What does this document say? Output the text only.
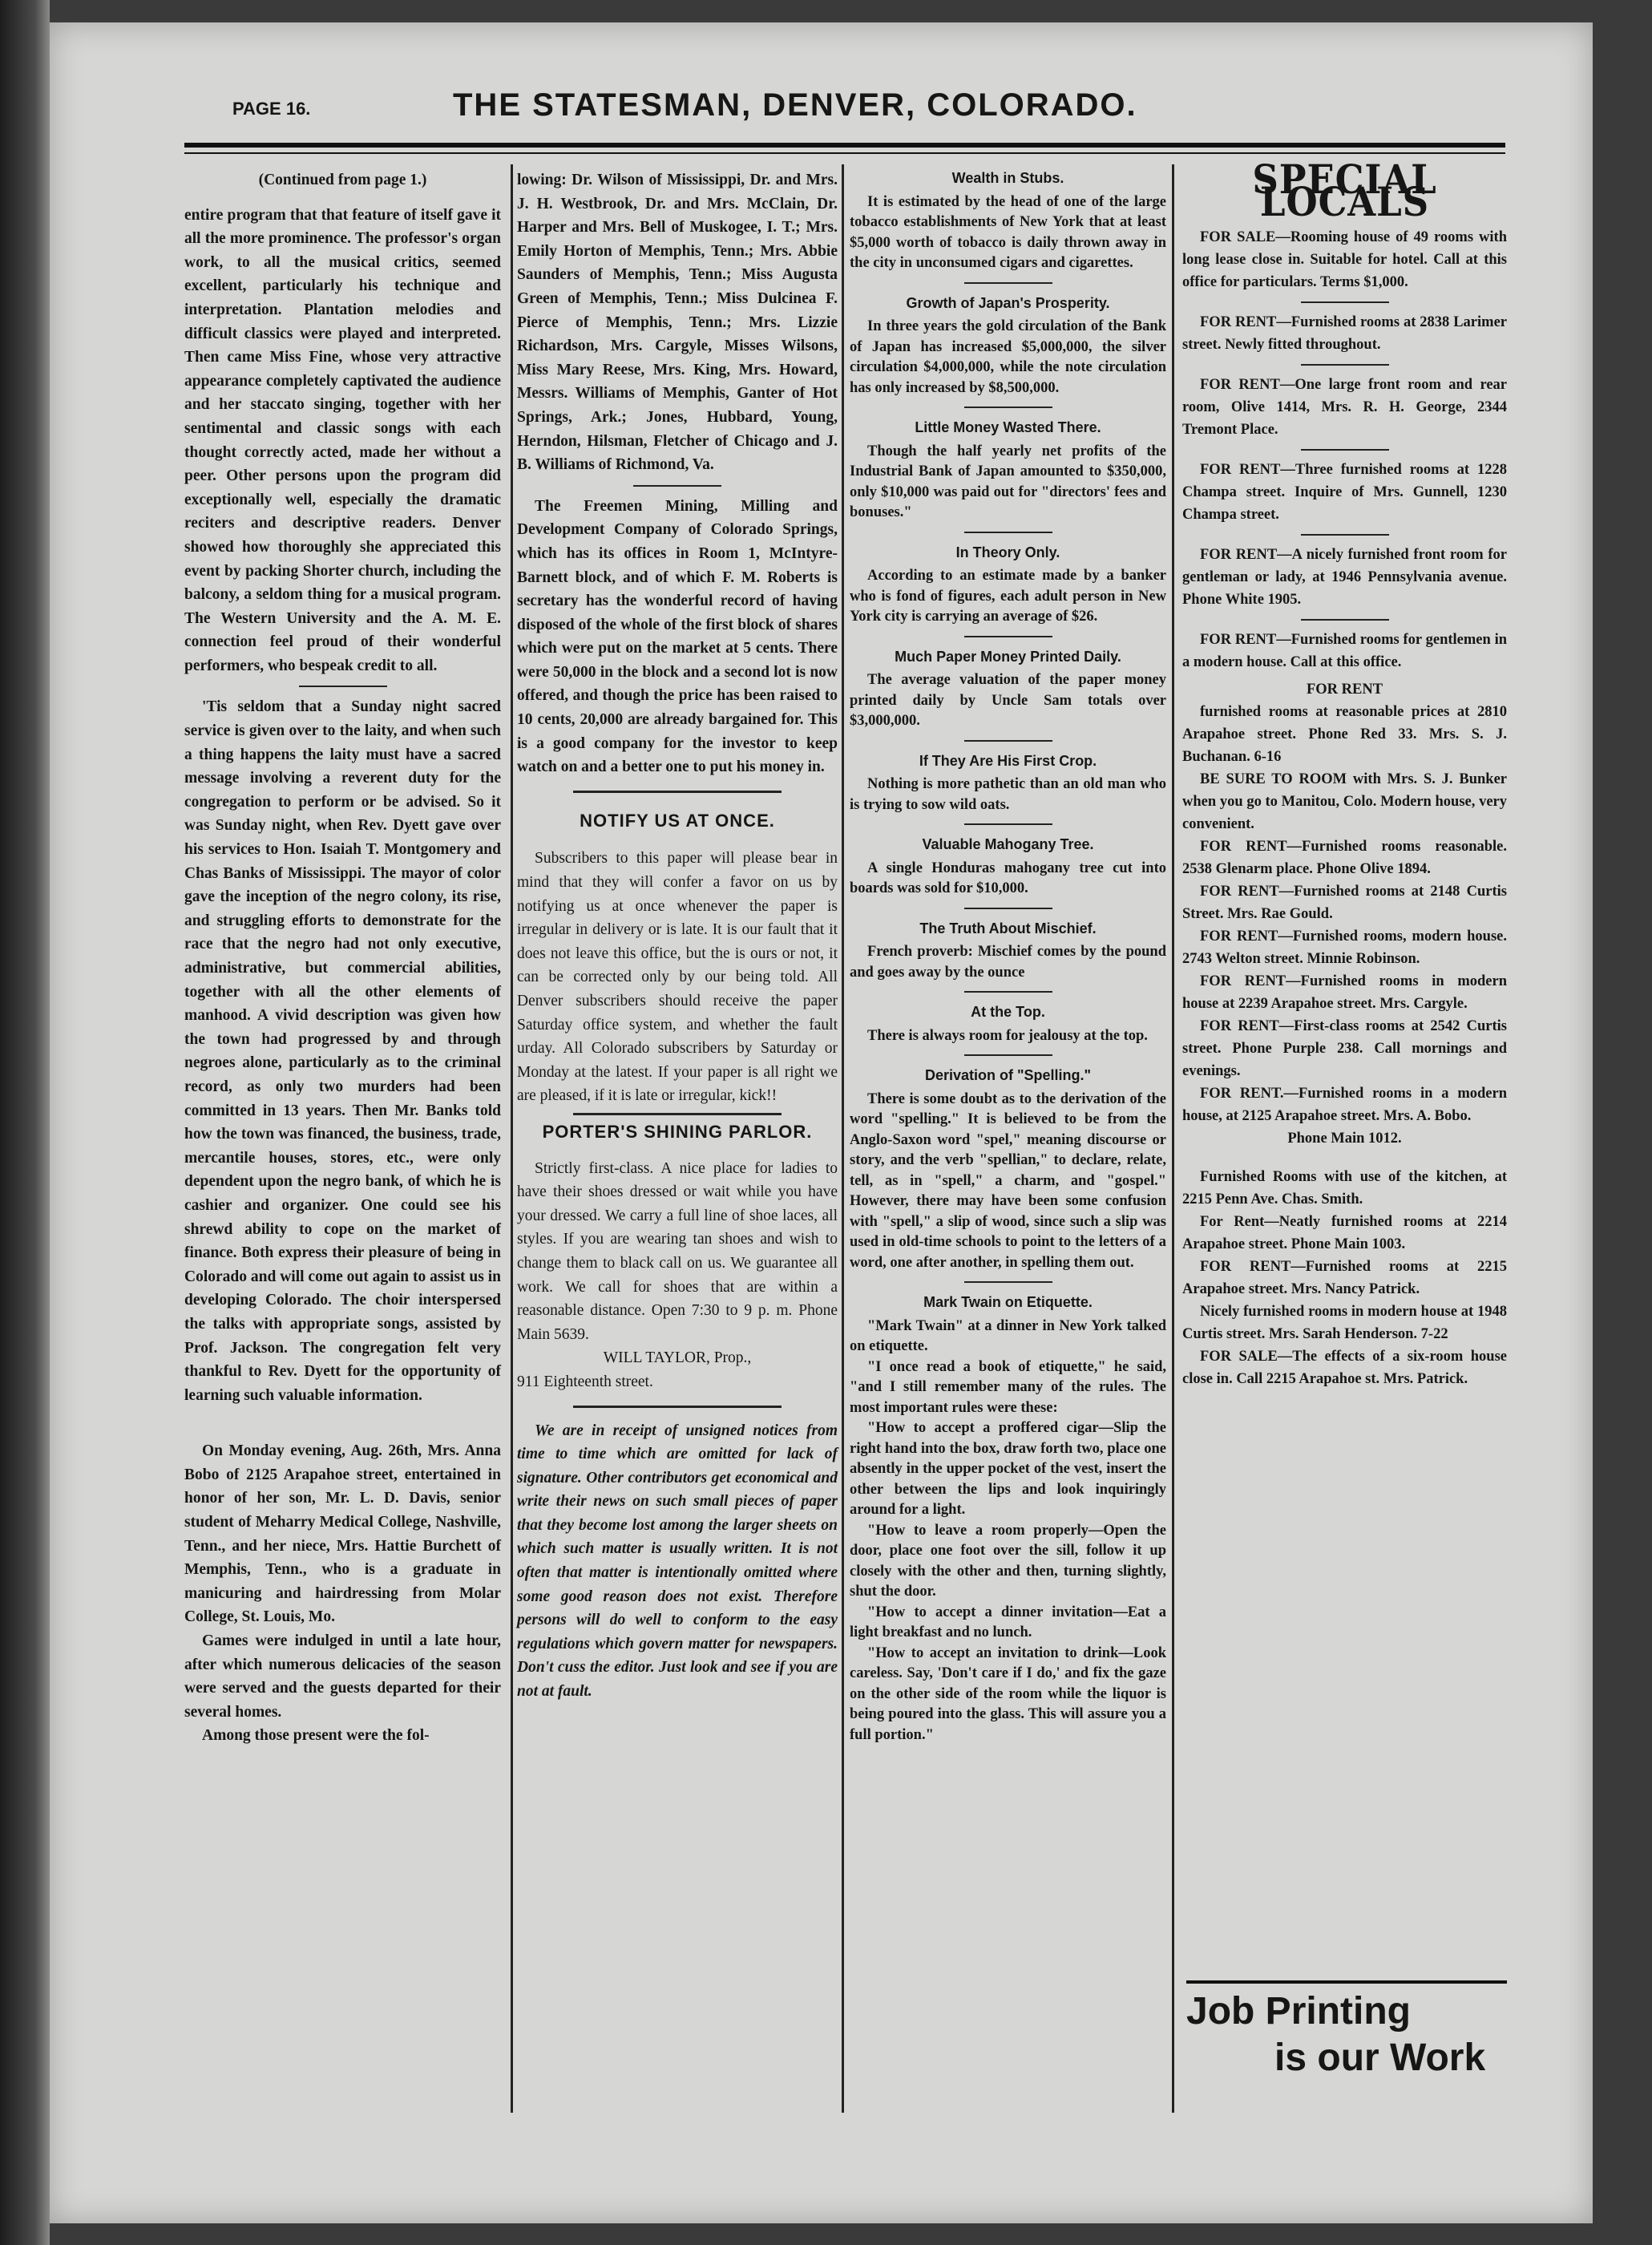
PAGE 16.	THE STATESMAN, DENVER, COLORADO.

(Continued from page 1.)

entire program that that feature of itself gave it all the more prominence. The professor's organ work, to all the musical critics, seemed excellent, particularly his technique and interpretation. Plantation melodies and difficult classics were played and interpreted. Then came Miss Fine, whose very attractive appearance completely captivated the audience and her staccato singing, together with her sentimental and classic songs with each thought correctly acted, made her without a peer. Other persons upon the program did exceptionally well, especially the dramatic reciters and descriptive readers. Denver showed how thoroughly she appreciated this event by packing Shorter church, including the balcony, a seldom thing for a musical program. The Western University and the A. M. E. connection feel proud of their wonderful performers, who bespeak credit to all.

'Tis seldom that a Sunday night sacred service is given over to the laity, and when such a thing happens the laity must have a sacred message involving a reverent duty for the congregation to perform or be advised. So it was Sunday night, when Rev. Dyett gave over his services to Hon. Isaiah T. Montgomery and Chas Banks of Mississippi. The mayor of color gave the inception of the negro colony, its rise, and struggling efforts to demonstrate for the race that the negro had not only executive, administrative, but commercial abilities, together with all the other elements of manhood. A vivid description was given how the town had progressed by and through negroes alone, particularly as to the criminal record, as only two murders had been committed in 13 years. Then Mr. Banks told how the town was financed, the business, trade, mercantile houses, stores, etc., were only dependent upon the negro bank, of which he is cashier and organizer. One could see his shrewd ability to cope on the market of finance. Both express their pleasure of being in Colorado and will come out again to assist us in developing Colorado. The choir interspersed the talks with appropriate songs, assisted by Prof. Jackson. The congregation felt very thankful to Rev. Dyett for the opportunity of learning such valuable information.

On Monday evening, Aug. 26th, Mrs. Anna Bobo of 2125 Arapahoe street, entertained in honor of her son, Mr. L. D. Davis, senior student of Meharry Medical College, Nashville, Tenn., and her niece, Mrs. Hattie Burchett of Memphis, Tenn., who is a graduate in manicuring and hairdressing from Molar College, St. Louis, Mo.

Games were indulged in until a late hour, after which numerous delicacies of the season were served and the guests departed for their several homes.

Among those present were the fol-

lowing: Dr. Wilson of Mississippi, Dr. and Mrs. J. H. Westbrook, Dr. and Mrs. McClain, Dr. Harper and Mrs. Bell of Muskogee, I. T.; Mrs. Emily Horton of Memphis, Tenn.; Mrs. Abbie Saunders of Memphis, Tenn.; Miss Augusta Green of Memphis, Tenn.; Miss Dulcinea F. Pierce of Memphis, Tenn.; Mrs. Lizzie Richardson, Mrs. Cargyle, Misses Wilsons, Miss Mary Reese, Mrs. King, Mrs. Howard, Messrs. Williams of Memphis, Ganter of Hot Springs, Ark.; Jones, Hubbard, Young, Herndon, Hilsman, Fletcher of Chicago and J. B. Williams of Richmond, Va.

The Freemen Mining, Milling and Development Company of Colorado Springs, which has its offices in Room 1, McIntyre-Barnett block, and of which F. M. Roberts is secretary has the wonderful record of having disposed of the whole of the first block of shares which were put on the market at 5 cents. There were 50,000 in the block and a second lot is now offered, and though the price has been raised to 10 cents, 20,000 are already bargained for. This is a good company for the investor to keep watch on and a better one to put his money in.

NOTIFY US AT ONCE.

Subscribers to this paper will please bear in mind that they will confer a favor on us by notifying us at once whenever the paper is irregular in delivery or is late. It is our fault that it does not leave this office, but the is ours or not, it can be corrected only by our being told. All Denver subscribers should receive the paper Saturday office system, and whether the fault urday. All Colorado subscribers by Saturday or Monday at the latest. If your paper is all right we are pleased, if it is late or irregular, kick!!

PORTER'S SHINING PARLOR.

Strictly first-class. A nice place for ladies to have their shoes dressed or wait while you have your dressed. We carry a full line of shoe laces, all styles. If you are wearing tan shoes and wish to change them to black call on us. We guarantee all work. We call for shoes that are within a reasonable distance. Open 7:30 to 9 p. m. Phone Main 5639.

WILL TAYLOR, Prop.,

911 Eighteenth street.

We are in receipt of unsigned notices from time to time which are omitted for lack of signature. Other contributors get economical and write their news on such small pieces of paper that they become lost among the larger sheets on which such matter is usually written. It is not often that matter is intentionally omitted where some good reason does not exist. Therefore persons will do well to conform to the easy regulations which govern matter for newspapers. Don't cuss the editor. Just look and see if you are not at fault.

Wealth in Stubs.

It is estimated by the head of one of the large tobacco establishments of New York that at least $5,000 worth of tobacco is daily thrown away in the city in unconsumed cigars and cigarettes.

Growth of Japan's Prosperity.

In three years the gold circulation of the Bank of Japan has increased $5,000,000, the silver circulation $4,000,000, while the note circulation has only increased by $8,500,000.

Little Money Wasted There.

Though the half yearly net profits of the Industrial Bank of Japan amounted to $350,000, only $10,000 was paid out for "directors' fees and bonuses."

In Theory Only.

According to an estimate made by a banker who is fond of figures, each adult person in New York city is carrying an average of $26.

Much Paper Money Printed Daily.

The average valuation of the paper money printed daily by Uncle Sam totals over $3,000,000.

If They Are His First Crop.

Nothing is more pathetic than an old man who is trying to sow wild oats.

Valuable Mahogany Tree.

A single Honduras mahogany tree cut into boards was sold for $10,000.

The Truth About Mischief.

French proverb: Mischief comes by the pound and goes away by the ounce

At the Top.

There is always room for jealousy at the top.

Derivation of "Spelling."

There is some doubt as to the derivation of the word "spelling." It is believed to be from the Anglo-Saxon word "spel," meaning discourse or story, and the verb "spellian," to declare, relate, tell, as in "spell," a charm, and "gospel." However, there may have been some confusion with "spell," a slip of wood, since such a slip was used in old-time schools to point to the letters of a word, one after another, in spelling them out.

Mark Twain on Etiquette.

"Mark Twain" at a dinner in New York talked on etiquette.

"I once read a book of etiquette," he said, "and I still remember many of the rules. The most important rules were these:

"How to accept a proffered cigar—Slip the right hand into the box, draw forth two, place one absently in the upper pocket of the vest, insert the other between the lips and look inquiringly around for a light.

"How to leave a room properly—Open the door, place one foot over the sill, follow it up closely with the other and then, turning slightly, shut the door.

"How to accept a dinner invitation—Eat a light breakfast and no lunch.

"How to accept an invitation to drink—Look careless. Say, 'Don't care if I do,' and fix the gaze on the other side of the room while the liquor is being poured into the glass. This will assure you a full portion."

SPECIAL LOCALS

FOR SALE—Rooming house of 49 rooms with long lease close in. Suitable for hotel. Call at this office for particulars. Terms $1,000.

FOR RENT—Furnished rooms at 2838 Larimer street. Newly fitted throughout.

FOR RENT—One large front room and rear room, Olive 1414, Mrs. R. H. George, 2344 Tremont Place.

FOR RENT—Three furnished rooms at 1228 Champa street. Inquire of Mrs. Gunnell, 1230 Champa street.

FOR RENT—A nicely furnished front room for gentleman or lady, at 1946 Pennsylvania avenue. Phone White 1905.

FOR RENT—Furnished rooms for gentlemen in a modern house. Call at this office.

FOR RENT

furnished rooms at reasonable prices at 2810 Arapahoe street. Phone Red 33. Mrs. S. J. Buchanan. 6-16

BE SURE TO ROOM with Mrs. S. J. Bunker when you go to Manitou, Colo. Modern house, very convenient.

FOR RENT—Furnished rooms reasonable. 2538 Glenarm place. Phone Olive 1894.

FOR RENT—Furnished rooms at 2148 Curtis Street. Mrs. Rae Gould.

FOR RENT—Furnished rooms, modern house. 2743 Welton street. Minnie Robinson.

FOR RENT—Furnished rooms in modern house at 2239 Arapahoe street. Mrs. Cargyle.

FOR RENT—First-class rooms at 2542 Curtis street. Phone Purple 238. Call mornings and evenings.

FOR RENT.—Furnished rooms in a modern house, at 2125 Arapahoe street. Mrs. A. Bobo.

Phone Main 1012.

Furnished Rooms with use of the kitchen, at 2215 Penn Ave. Chas. Smith.

For Rent—Neatly furnished rooms at 2214 Arapahoe street. Phone Main 1003.

FOR RENT—Furnished rooms at 2215 Arapahoe street. Mrs. Nancy Patrick.

Nicely furnished rooms in modern house at 1948 Curtis street. Mrs. Sarah Henderson. 7-22

FOR SALE—The effects of a six-room house close in. Call 2215 Arapahoe st. Mrs. Patrick.

Job Printing
is our Work
